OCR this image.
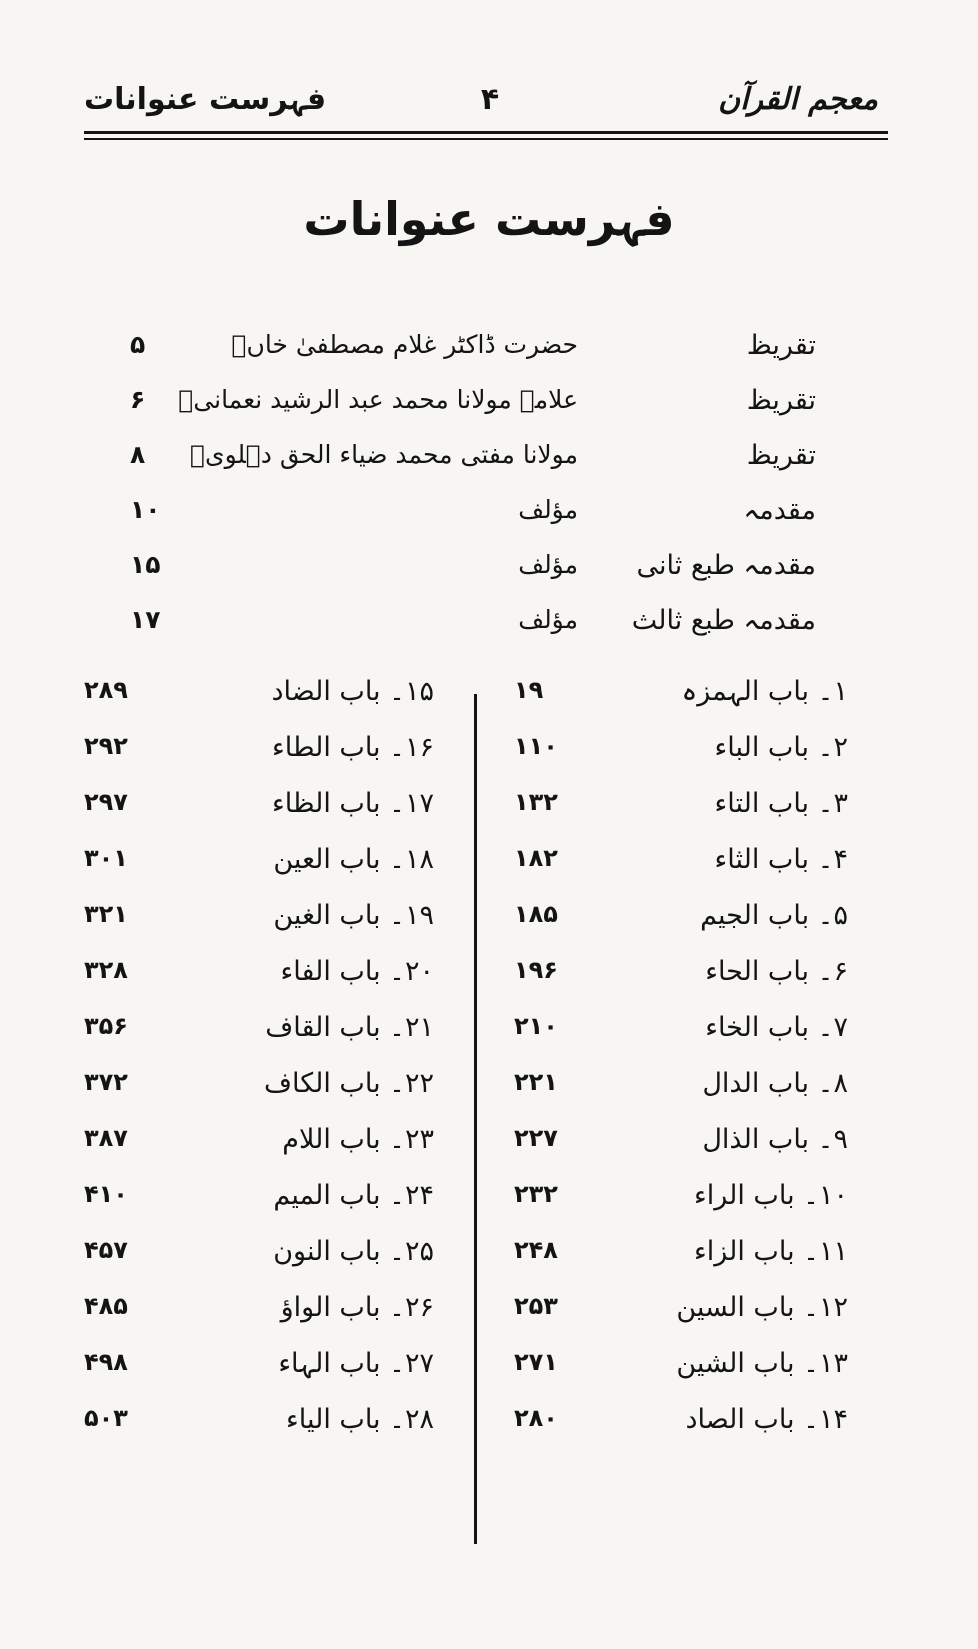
معجم القرآن
۴
فہرست عنوانات
فہرست عنوانات
تقریظ
حضرت ڈاکٹر غلام مصطفیٰ خاںؒ
۵
تقریظ
علامہ مولانا محمد عبد الرشید نعمانیؒ
۶
تقریظ
مولانا مفتی محمد ضیاء الحق دہلویؒ
۸
مقدمہ
مؤلف
۱۰
مقدمہ طبع ثانی
مؤلف
۱۵
مقدمہ طبع ثالث
مؤلف
۱۷
۱۔ باب الہمزہ
۱۹
۱۵۔ باب الضاد
۲۸۹
۲۔ باب الباء
۱۱۰
۱۶۔ باب الطاء
۲۹۲
۳۔ باب التاء
۱۳۲
۱۷۔ باب الظاء
۲۹۷
۴۔ باب الثاء
۱۸۲
۱۸۔ باب العین
۳۰۱
۵۔ باب الجیم
۱۸۵
۱۹۔ باب الغین
۳۲۱
۶۔ باب الحاء
۱۹۶
۲۰۔ باب الفاء
۳۲۸
۷۔ باب الخاء
۲۱۰
۲۱۔ باب القاف
۳۵۶
۸۔ باب الدال
۲۲۱
۲۲۔ باب الکاف
۳۷۲
۹۔ باب الذال
۲۲۷
۲۳۔ باب اللام
۳۸۷
۱۰۔ باب الراء
۲۳۲
۲۴۔ باب المیم
۴۱۰
۱۱۔ باب الزاء
۲۴۸
۲۵۔ باب النون
۴۵۷
۱۲۔ باب السین
۲۵۳
۲۶۔ باب الواؤ
۴۸۵
۱۳۔ باب الشین
۲۷۱
۲۷۔ باب الہاء
۴۹۸
۱۴۔ باب الصاد
۲۸۰
۲۸۔ باب الیاء
۵۰۳
